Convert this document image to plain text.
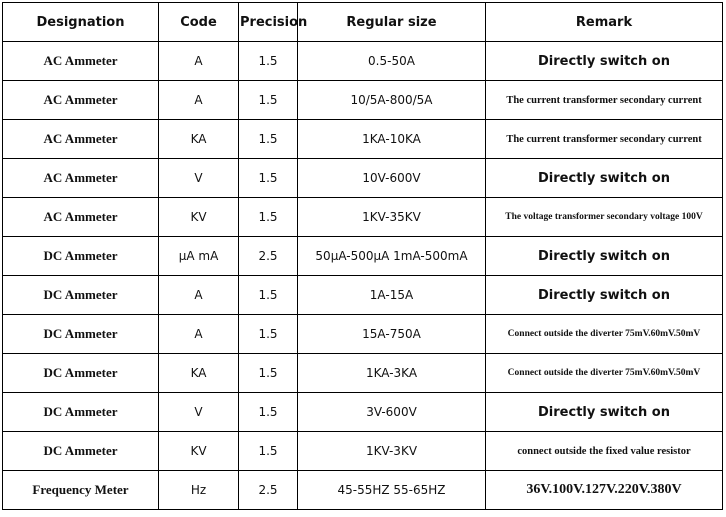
Designation	Code	Precision	Regular size	Remark
AC Ammeter	A	1.5	0.5-50A	Directly switch on
AC Ammeter	A	1.5	10/5A-800/5A	The current transformer secondary current
AC Ammeter	KA	1.5	1KA-10KA	The current transformer secondary current
AC Ammeter	V	1.5	10V-600V	Directly switch on
AC Ammeter	KV	1.5	1KV-35KV	The voltage transformer secondary voltage 100V
DC Ammeter	μA mA	2.5	50μA-500μA 1mA-500mA	Directly switch on
DC Ammeter	A	1.5	1A-15A	Directly switch on
DC Ammeter	A	1.5	15A-750A	Connect outside the diverter 75mV.60mV.50mV
DC Ammeter	KA	1.5	1KA-3KA	Connect outside the diverter 75mV.60mV.50mV
DC Ammeter	V	1.5	3V-600V	Directly switch on
DC Ammeter	KV	1.5	1KV-3KV	connect outside the fixed value resistor
Frequency Meter	Hz	2.5	45-55HZ 55-65HZ	36V.100V.127V.220V.380V
